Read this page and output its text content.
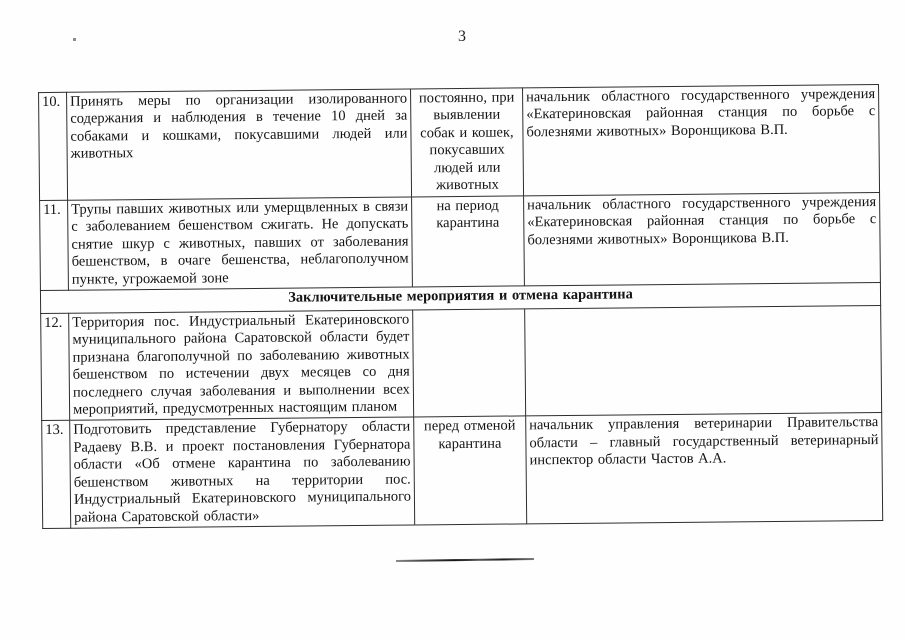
3
10.	Принять меры по организации изолированного содержания и наблюдения в течение 10 дней за собаками и кошками, покусавшими людей или животных	постоянно, при выявлении собак и кошек, покусавших людей или животных	начальник областного государственного учреждения «Екатериновская районная станция по борьбе с болезнями животных» Воронщикова В.П.
11.	Трупы павших животных или умерщвленных в связи с заболеванием бешенством сжигать. Не допускать снятие шкур с животных, павших от заболевания бешенством, в очаге бешенства, неблагополучном пункте, угрожаемой зоне	на период карантина	начальник областного государственного учреждения «Екатериновская районная станция по борьбе с болезнями животных» Воронщикова В.П.
Заключительные мероприятия и отмена карантина			
12.	Территория пос. Индустриальный Екатериновского муниципального района Саратовской области будет признана благополучной по заболеванию животных бешенством по истечении двух месяцев со дня последнего случая заболевания и выполнении всех мероприятий, предусмотренных настоящим планом		
13.	Подготовить представление Губернатору области Радаеву В.В. и проект постановления Губернатора области «Об отмене карантина по заболеванию бешенством животных на территории пос. Индустриальный Екатериновского муниципального района Саратовской области»	перед отменой карантина	начальник управления ветеринарии Правительства области – главный государственный ветеринарный инспектор области Частов А.А.
